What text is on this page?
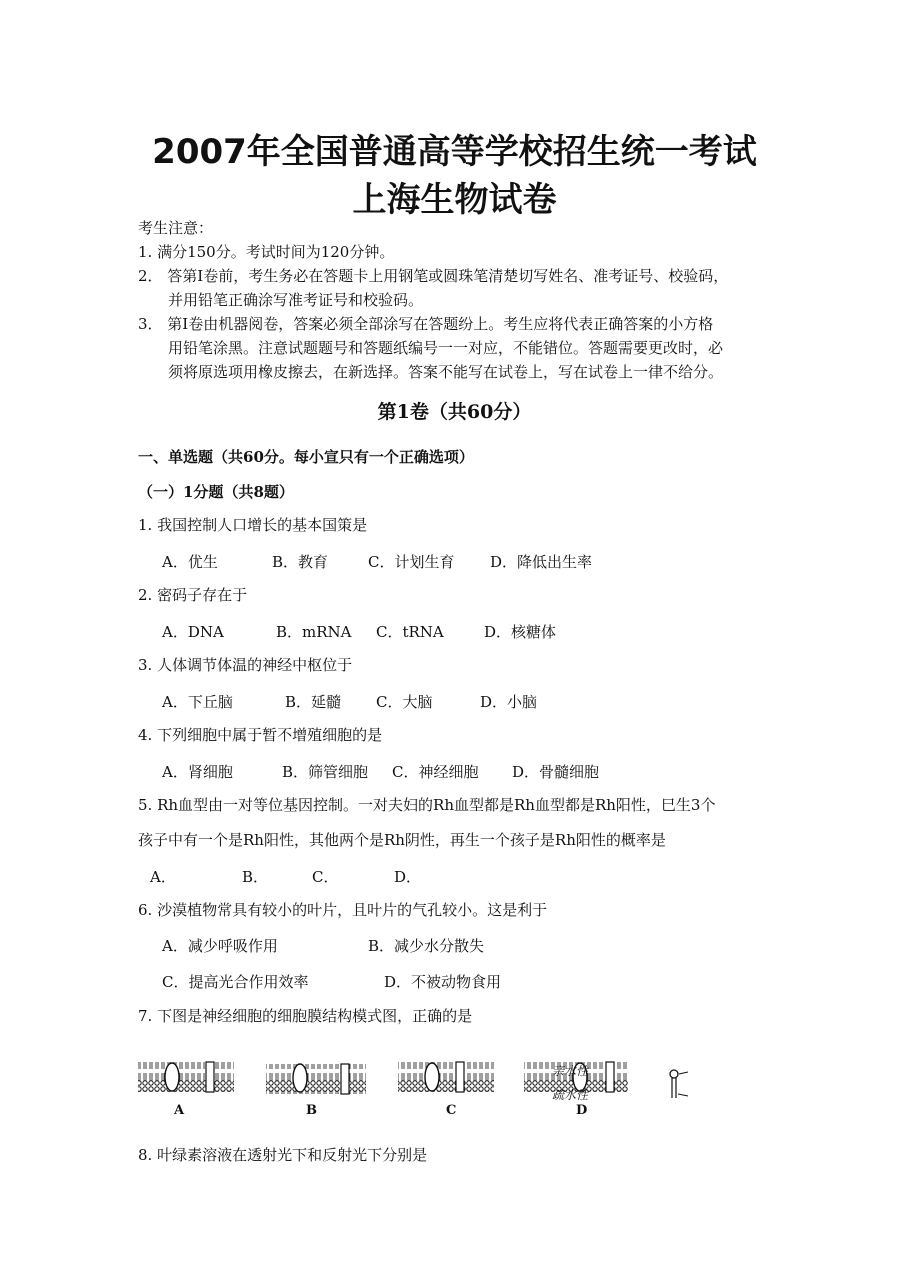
2007年全国普通高等学校招生统一考试
上海生物试卷
考生注意：
1. 满分150分。考试时间为120分钟。
2． 答第Ⅰ卷前，考生务必在答题卡上用钢笔或圆珠笔清楚切写姓名、准考证号、校验码，
并用铅笔正确涂写准考证号和校验码。
3． 第Ⅰ卷由机器阅卷，答案必须全部涂写在答题纷上。考生应将代表正确答案的小方格
用铅笔涂黑。注意试题题号和答题纸编号一一对应，不能错位。答题需要更改时，必
须将原选项用橡皮擦去，在新选择。答案不能写在试卷上，写在试卷上一律不给分。
第1卷（共60分）
一、单选题（共60分。每小宣只有一个正确选项）
（一）1分题（共8题）
1. 我国控制人口增长的基本国策是
A．优生	B．教育	C．计划生育 D．降低出生率
2. 密码子存在于
A．DNA	B．mRNA C．tRNA	D．核糖体
3. 人体调节体温的神经中枢位于
A．下丘脑	B．延髓 C．大脑	D．小脑
4. 下列细胞中属于暂不增殖细胞的是
A．肾细胞	B．筛管细胞 C．神经细胞 D．骨髓细胞
5. Rh血型由一对等位基因控制。一对夫妇的Rh血型都是Rh血型都是Rh阳性，巳生3个
孩子中有一个是Rh阳性，其他两个是Rh阴性，再生一个孩子是Rh阳性的概率是
A．	B．	C．	D．
6. 沙漠植物常具有较小的叶片，且叶片的气孔较小。这是利于
A．减少呼吸作用	B．减少水分散失
C．提高光合作用效率	D．不被动物食用
7. 下图是神经细胞的细胞膜结构模式图，正确的是
亲水性
疏水性
A	B	C	D
8. 叶绿素溶液在透射光下和反射光下分别是
